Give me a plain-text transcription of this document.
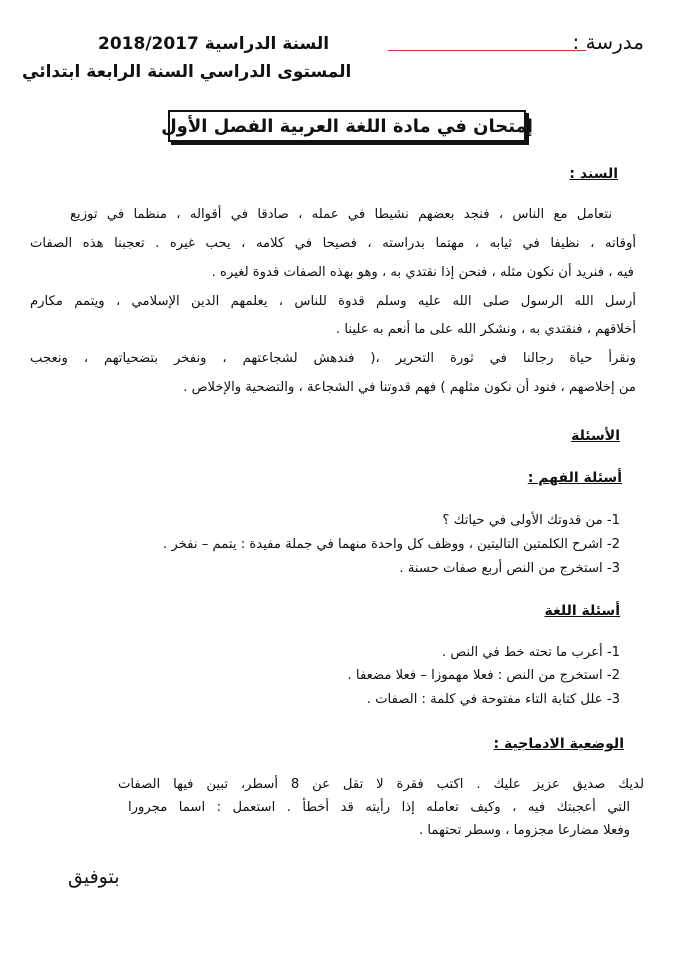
مدرسة :
السنة الدراسية 2018/2017
المستوى الدراسي السنة الرابعة ابتدائي
إمتحان في مادة اللغة العربية الفصل الأول
السند :
نتعامل مع الناس ، فنجد بعضهم نشيطا في عمله ، صادقا في أقواله ، منظما في توزيع
أوقاته ، نظيفا في ثيابه ، مهتما بدراسته ، فصيحا في كلامه ، يحب غيره . تعجبنا هذه الصفات
فيه ، فنريد أن نكون مثله ، فنحن إذا نقتدي به ، وهو بهذه الصفات قدوة لغيره .
أرسل الله الرسول صلى الله عليه وسلم قدوة للناس ، يعلمهم الدين الإسلامي ، ويتمم مكارم
أخلاقهم ، فنقتدي به ، ونشكر الله على ما أنعم به علينا .
ونقرأ حياة رجالنا في ثورة التحرير ،( فندهش لشجاعتهم ، ونفخر بتضحياتهم ، ونعجب
من إخلاصهم ، فنود أن نكون مثلهم ) فهم قدوتنا في الشجاعة ، والتضحية والإخلاص .
الأسئلة
أسئلة الفهم :
1- من قدوتك الأولى في حياتك ؟
2- اشرح الكلمتين التاليتين ، ووظف كل واحدة منهما في جملة مفيدة : يتمم – نفخر .
3- استخرج من النص أربع صفات حسنة .
أسئلة اللغة
1- أعرب ما تحته خط في النص .
2- استخرج من النص : فعلا مهموزا – فعلا مضعفا .
3- علل كتابة التاء مفتوحة في كلمة : الصفات .
الوضعية الادماجية :
لديك صديق عزيز عليك . اكتب فقرة لا تقل عن 8 أسطر، تبين فيها الصفات
التي أعجبتك فيه ، وكيف تعامله إذا رأيته قد أخطأ . استعمل : اسما مجرورا
وفعلا مضارعا مجزوما ، وسطر تحتهما .
بتوفيق
